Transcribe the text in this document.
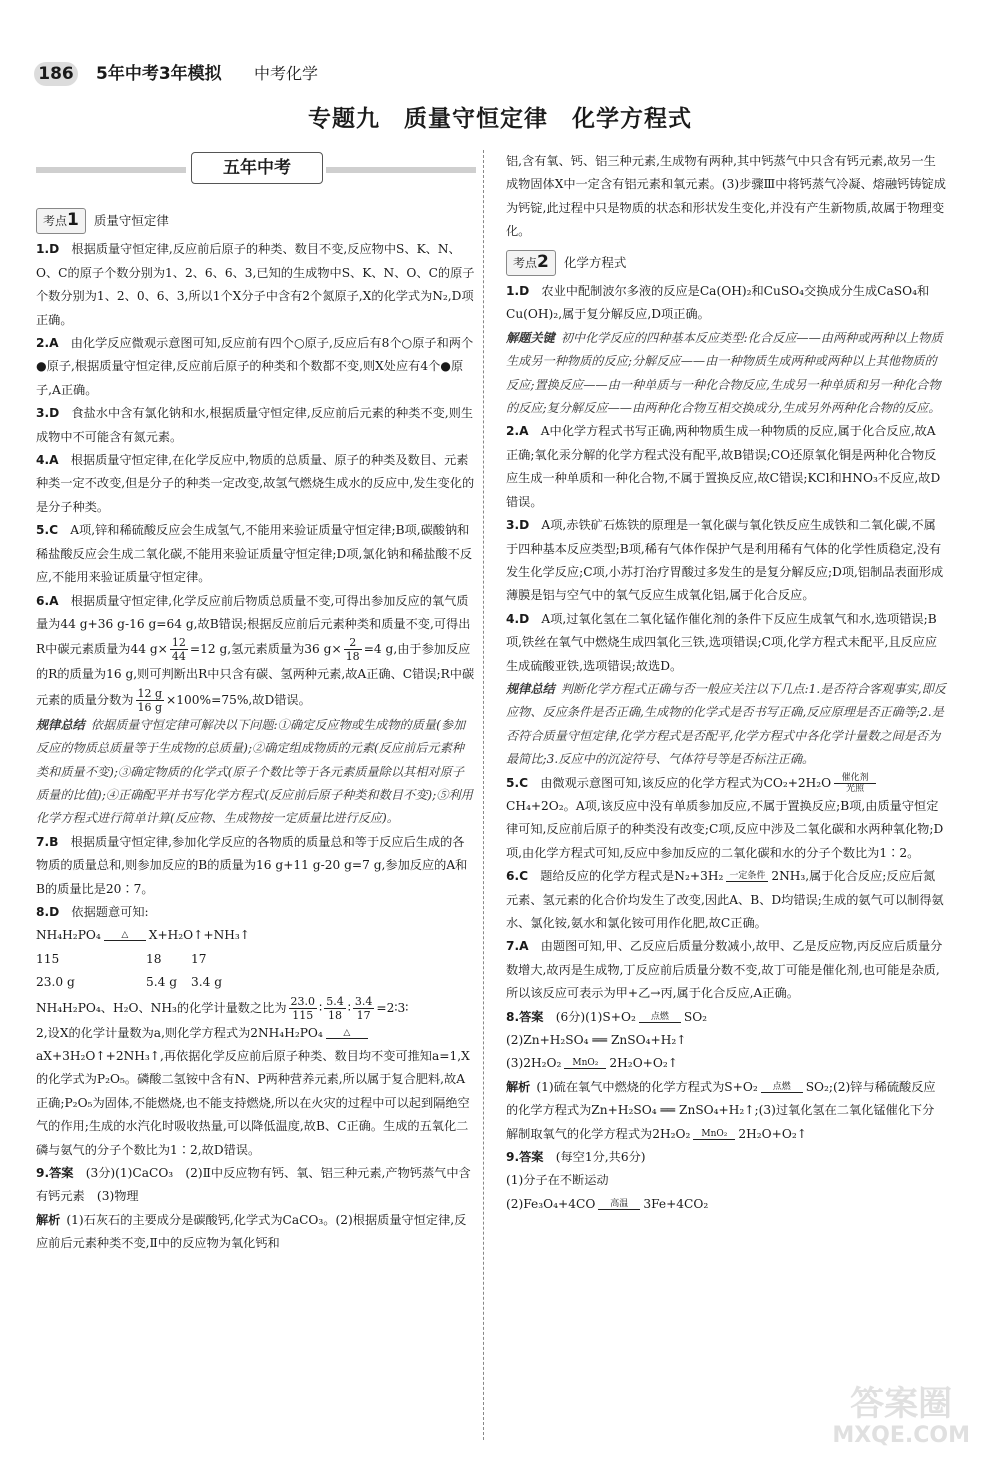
186 5年中考3年模拟 中考化学
专题九　质量守恒定律　化学方程式
五年中考

考点1 质量守恒定律

1.D　 根据质量守恒定律,反应前后原子的种类、数目不变,反应物中S、K、N、O、C的原子个数分别为1、2、6、6、3,已知的生成物中S、K、N、O、C的原子个数分别为1、2、0、6、3,所以1个X分子中含有2个氮原子,X的化学式为N₂,D项正确。

2.A　 由化学反应微观示意图可知,反应前有四个○原子,反应后有8个○原子和两个●原子,根据质量守恒定律,反应前后原子的种类和个数都不变,则X处应有4个●原子,A正确。

3.D　 食盐水中含有氯化钠和水,根据质量守恒定律,反应前后元素的种类不变,则生成物中不可能含有氮元素。

4.A　 根据质量守恒定律,在化学反应中,物质的总质量、原子的种类及数目、元素种类一定不改变,但是分子的种类一定改变,故氢气燃烧生成水的反应中,发生变化的是分子种类。

5.C　 A项,锌和稀硫酸反应会生成氢气,不能用来验证质量守恒定律;B项,碳酸钠和稀盐酸反应会生成二氧化碳,不能用来验证质量守恒定律;D项,氯化钠和稀盐酸不反应,不能用来验证质量守恒定律。

6.A　 根据质量守恒定律,化学反应前后物质总质量不变,可得出参加反应的氧气质量为44 g+36 g-16 g=64 g,故B错误;根据反应前后元素种类和质量不变,可得出R中碳元素质量为44 $g\times \frac{12}{44} =12$ g,氢元素质量为36 $g\times \frac{2}{18} =4$ g,由于参加反应的R的质量为16 g,则可判断出R中只含有碳、氢两种元素,故A正确、C错误;R中碳元素的质量分数为 $\frac{12 g}{16 g} \times 100\%=75\%$,故D错误。

规律总结 依据质量守恒定律可解决以下问题:①确定反应物或生成物的质量(参加反应的物质总质量等于生成物的总质量);②确定组成物质的元素(反应前后元素种类和质量不变);③确定物质的化学式(原子个数比等于各元素质量除以其相对原子质量的比值);④正确配平并书写化学方程式(反应前后原子种类和数目不变);⑤利用化学方程式进行简单计算(反应物、生成物按一定质量比进行反应)。

7.B　 根据质量守恒定律,参加化学反应的各物质的质量总和等于反应后生成的各物质的质量总和,则参加反应的B的质量为16 g+11 g-20 g=7 g,参加反应的A和B的质量比是20∶7。

8.D　 依据题意可知:

NH₄H₂PO₄	△	X+H₂O↑+NH₃↑

115	18 17

23.0 g	5.4 g 3.4 g

NH₄H₂PO₄、H₂O、NH₃的化学计量数之比为 $\frac{23.0}{115}$ ∶ $\frac{5.4}{18}$ ∶ $\frac{3.4}{17}$ =2∶3∶

2,设X的化学计量数为a,则化学方程式为2NH₄H₂PO₄	△
aX+3H₂O↑+2NH₃↑,再依据化学反应前后原子种类、数目均不变可推知a=1,X的化学式为P₂O₅。磷酸二氢铵中含有N、P两种营养元素,所以属于复合肥料,故A正确;P₂O₅为固体,不能燃烧,也不能支持燃烧,所以在火灾的过程中可以起到隔绝空气的作用;生成的水汽化时吸收热量,可以降低温度,故B、C正确。生成的五氧化二磷与氨气的分子个数比为1∶2,故D错误。

9.答案　 (3分)(1)CaCO₃　(2)Ⅱ中反应物有钙、氧、铝三种元素,产物钙蒸气中含有钙元素　(3)物理

解析 (1)石灰石的主要成分是碳酸钙,化学式为CaCO₃。(2)根据质量守恒定律,反应前后元素种类不变,Ⅱ中的反应物为氧化钙和

铝,含有氧、钙、铝三种元素,生成物有两种,其中钙蒸气中只含有钙元素,故另一生成物固体X中一定含有铝元素和氧元素。(3)步骤Ⅲ中将钙蒸气冷凝、熔融钙铸锭成为钙锭,此过程中只是物质的状态和形状发生变化,并没有产生新物质,故属于物理变化。

考点2 化学方程式

1.D　 农业中配制波尔多液的反应是Ca(OH)₂和CuSO₄交换成分生成CaSO₄和Cu(OH)₂,属于复分解反应,D项正确。

解题关键 初中化学反应的四种基本反应类型:化合反应——由两种或两种以上物质生成另一种物质的反应;分解反应——由一种物质生成两种或两种以上其他物质的反应;置换反应——由一种单质与一种化合物反应,生成另一种单质和另一种化合物的反应;复分解反应——由两种化合物互相交换成分,生成另外两种化合物的反应。

2.A　 A中化学方程式书写正确,两种物质生成一种物质的反应,属于化合反应,故A正确;氧化汞分解的化学方程式没有配平,故B错误;CO还原氧化铜是两种化合物反应生成一种单质和一种化合物,不属于置换反应,故C错误;KCl和HNO₃不反应,故D错误。

3.D　 A项,赤铁矿石炼铁的原理是一氧化碳与氧化铁反应生成铁和二氧化碳,不属于四种基本反应类型;B项,稀有气体作保护气是利用稀有气体的化学性质稳定,没有发生化学反应;C项,小苏打治疗胃酸过多发生的是复分解反应;D项,铝制品表面形成薄膜是铝与空气中的氧气反应生成氧化铝,属于化合反应。

4.D　 A项,过氧化氢在二氧化锰作催化剂的条件下反应生成氧气和水,选项错误;B项,铁丝在氧气中燃烧生成四氧化三铁,选项错误;C项,化学方程式未配平,且反应应生成硫酸亚铁,选项错误;故选D。

规律总结 判断化学方程式正确与否一般应关注以下几点:1.是否符合客观事实,即反应物、反应条件是否正确,生成物的化学式是否书写正确,反应原理是否正确等;2.是否符合质量守恒定律,化学方程式是否配平,化学方程式中各化学计量数之间是否为最简比;3.反应中的沉淀符号、气体符号等是否标注正确。

5.C　 由微观示意图可知,该反应的化学方程式为CO₂+2H₂O	催化剂
光照
CH₄+2O₂。A项,该反应中没有单质参加反应,不属于置换反应;B项,由质量守恒定律可知,反应前后原子的种类没有改变;C项,反应中涉及二氧化碳和水两种氧化物;D项,由化学方程式可知,反应中参加反应的二氧化碳和水的分子个数比为1∶2。

6.C　 题给反应的化学方程式是N₂+3H₂ 一定条件 2NH₃,属于化合反应;反应后氮元素、氢元素的化合价均发生了改变,因此A、B、D均错误;生成的氨气可以制得氨水、氯化铵,氨水和氯化铵可用作化肥,故C正确。

7.A　 由题图可知,甲、乙反应后质量分数减小,故甲、乙是反应物,丙反应后质量分数增大,故丙是生成物,丁反应前后质量分数不变,故丁可能是催化剂,也可能是杂质,所以该反应可表示为甲+乙→丙,属于化合反应,A正确。

8.答案　 (6分)(1)S+O₂	点燃	SO₂

(2)Zn+H₂SO₄ ══ ZnSO₄+H₂↑

(3)2H₂O₂	MnO₂ 2H₂O+O₂↑

解析 (1)硫在氧气中燃烧的化学方程式为S+O₂	点燃	SO₂;(2)锌与稀硫酸反应的化学方程式为Zn+H₂SO₄ ══ ZnSO₄+H₂↑;(3)过氧化氢在二氧化锰催化下分解制取氧气的化学方程式为2H₂O₂	MnO₂ 2H₂O+O₂↑

9.答案　 (每空1分,共6分)

(1)分子在不断运动

(2)Fe₃O₄+4CO	高温	3Fe+4CO₂

答案圈
MXQE.COM
